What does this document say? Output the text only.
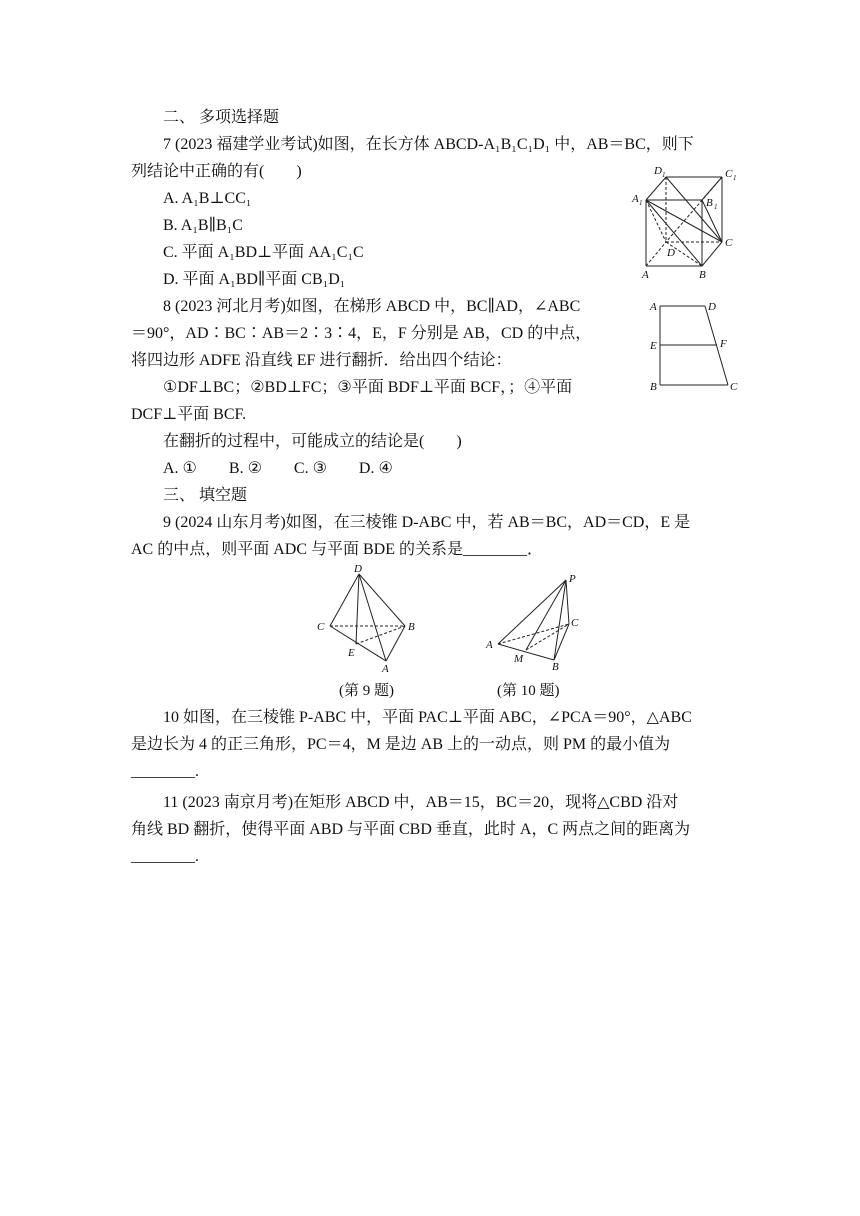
二、 多项选择题
7 (2023 福建学业考试)如图，在长方体 ABCD-A₁B₁C₁D₁ 中，AB＝BC，则下
列结论中正确的有(　　)
A. A₁B⊥CC₁
B. A₁B∥B₁C
C. 平面 A₁BD⊥平面 AA₁C₁C
D. 平面 A₁BD∥平面 CB₁D₁
D 1	C 1
A 1	B 1
C
D
A	B
8 (2023 河北月考)如图，在梯形 ABCD 中，BC∥AD，∠ABC
＝90°，AD∶BC∶AB＝2∶3∶4，E，F 分别是 AB，CD 的中点，
将四边形 ADFE 沿直线 EF 进行翻折．给出四个结论：
①DF⊥BC；②BD⊥FC；③平面 BDF⊥平面 BCF，；④平面
DCF⊥平面 BCF.
在翻折的过程中，可能成立的结论是(　　)
A. ①　　B. ②　　C. ③　　D. ④
A	D
E	F
B	C
三、 填空题
9 (2024 山东月考)如图，在三棱锥 D-ABC 中，若 AB＝BC，AD＝CD，E 是
AC 的中点，则平面 ADC 与平面 BDE 的关系是________．
D
C	B
E
A
P
C
A
M
B
(第 9 题)	(第 10 题)
10 如图，在三棱锥 P-ABC 中，平面 PAC⊥平面 ABC，∠PCA＝90°，△ABC
是边长为 4 的正三角形，PC＝4，M 是边 AB 上的一动点，则 PM 的最小值为
________.
11 (2023 南京月考)在矩形 ABCD 中，AB＝15，BC＝20，现将△CBD 沿对
角线 BD 翻折，使得平面 ABD 与平面 CBD 垂直，此时 A，C 两点之间的距离为
________.
